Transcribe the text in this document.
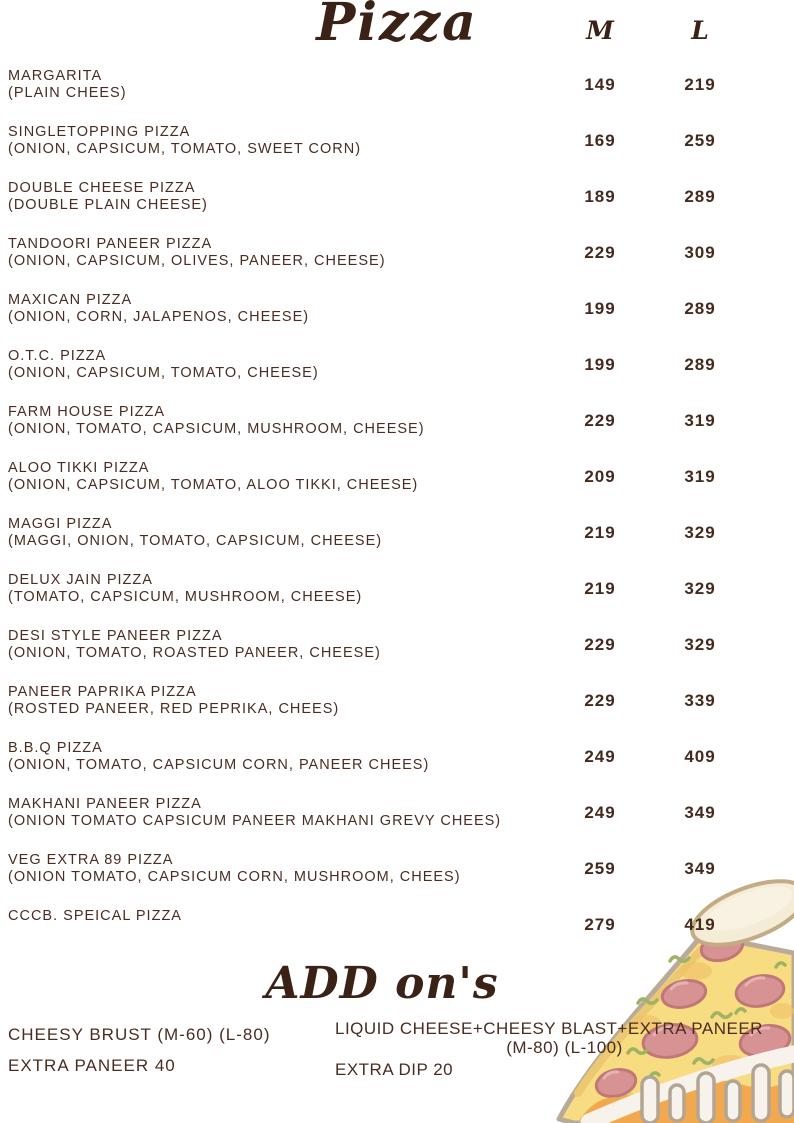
Pizza	M	L
MARGARITA
(PLAIN CHEES)	149	219
SINGLETOPPING PIZZA
(ONION, CAPSICUM, TOMATO, SWEET CORN)	169	259
DOUBLE CHEESE PIZZA
(DOUBLE PLAIN CHEESE)	189	289
TANDOORI PANEER PIZZA
(ONION, CAPSICUM, OLIVES, PANEER, CHEESE)	229	309
MAXICAN PIZZA
(ONION, CORN, JALAPENOS, CHEESE)	199	289
O.T.C. PIZZA
(ONION, CAPSICUM, TOMATO, CHEESE)	199	289
FARM HOUSE PIZZA
(ONION, TOMATO, CAPSICUM, MUSHROOM, CHEESE)	229	319
ALOO TIKKI PIZZA
(ONION, CAPSICUM, TOMATO, ALOO TIKKI, CHEESE)	209	319
MAGGI PIZZA
(MAGGI, ONION, TOMATO, CAPSICUM, CHEESE)	219	329
DELUX JAIN PIZZA
(TOMATO, CAPSICUM, MUSHROOM, CHEESE)	219	329
DESI STYLE PANEER PIZZA
(ONION, TOMATO, ROASTED PANEER, CHEESE)	229	329
PANEER PAPRIKA PIZZA
(ROSTED PANEER, RED PEPRIKA, CHEES)	229	339
B.B.Q PIZZA
(ONION, TOMATO, CAPSICUM CORN, PANEER CHEES)	249	409
MAKHANI PANEER PIZZA
(ONION TOMATO CAPSICUM PANEER MAKHANI GREVY CHEES)	249	349
VEG EXTRA 89 PIZZA
(ONION TOMATO, CAPSICUM CORN, MUSHROOM, CHEES)	259	349
CCCB. SPEICAL PIZZA	279	419
ADD on's
CHEESY BRUST (M-60) (L-80)
EXTRA PANEER 40
LIQUID CHEESE+CHEESY BLAST+EXTRA PANEER
(M-80) (L-100)
EXTRA DIP 20
